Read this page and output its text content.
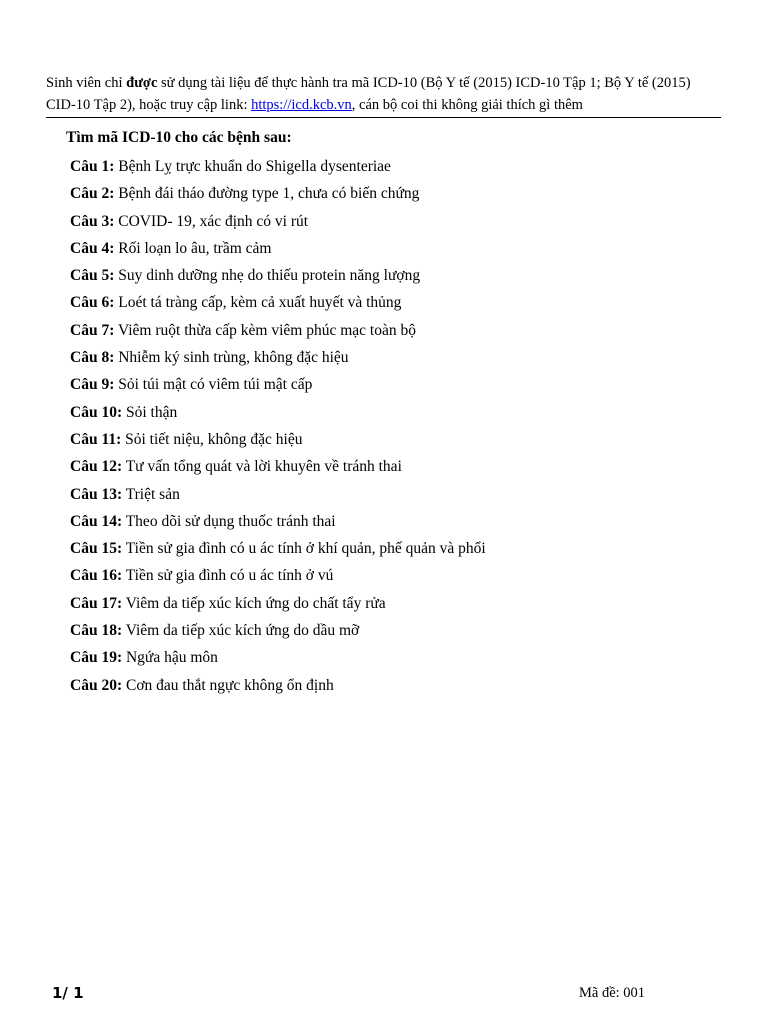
Sinh viên chỉ được sử dụng tài liệu để thực hành tra mã ICD-10 (Bộ Y tế (2015) ICD-10 Tập 1; Bộ Y tế (2015) CID-10 Tập 2), hoặc truy cập link: https://icd.kcb.vn, cán bộ coi thi không giải thích gì thêm
Tìm mã ICD-10 cho các bệnh sau:
Câu 1: Bệnh Lỵ trực khuẩn do Shigella dysenteriae
Câu 2: Bệnh đái tháo đường type 1, chưa có biến chứng
Câu 3: COVID- 19, xác định có vi rút
Câu 4: Rối loạn lo âu, trầm cảm
Câu 5: Suy dinh dưỡng nhẹ do thiếu protein năng lượng
Câu 6: Loét tá tràng cấp, kèm cả xuất huyết và thủng
Câu 7: Viêm ruột thừa cấp kèm viêm phúc mạc toàn bộ
Câu 8: Nhiễm ký sinh trùng, không đặc hiệu
Câu 9: Sỏi túi mật có viêm túi mật cấp
Câu 10: Sỏi thận
Câu 11: Sỏi tiết niệu, không đặc hiệu
Câu 12: Tư vấn tổng quát và lời khuyên về tránh thai
Câu 13: Triệt sản
Câu 14: Theo dõi sử dụng thuốc tránh thai
Câu 15: Tiền sử gia đình có u ác tính ở khí quản, phế quản và phổi
Câu 16: Tiền sử gia đình có u ác tính ở vú
Câu 17: Viêm da tiếp xúc kích ứng do chất tẩy rửa
Câu 18: Viêm da tiếp xúc kích ứng do dầu mỡ
Câu 19: Ngứa hậu môn
Câu 20: Cơn đau thắt ngực không ổn định
1/ 1	Mã đề: 001
